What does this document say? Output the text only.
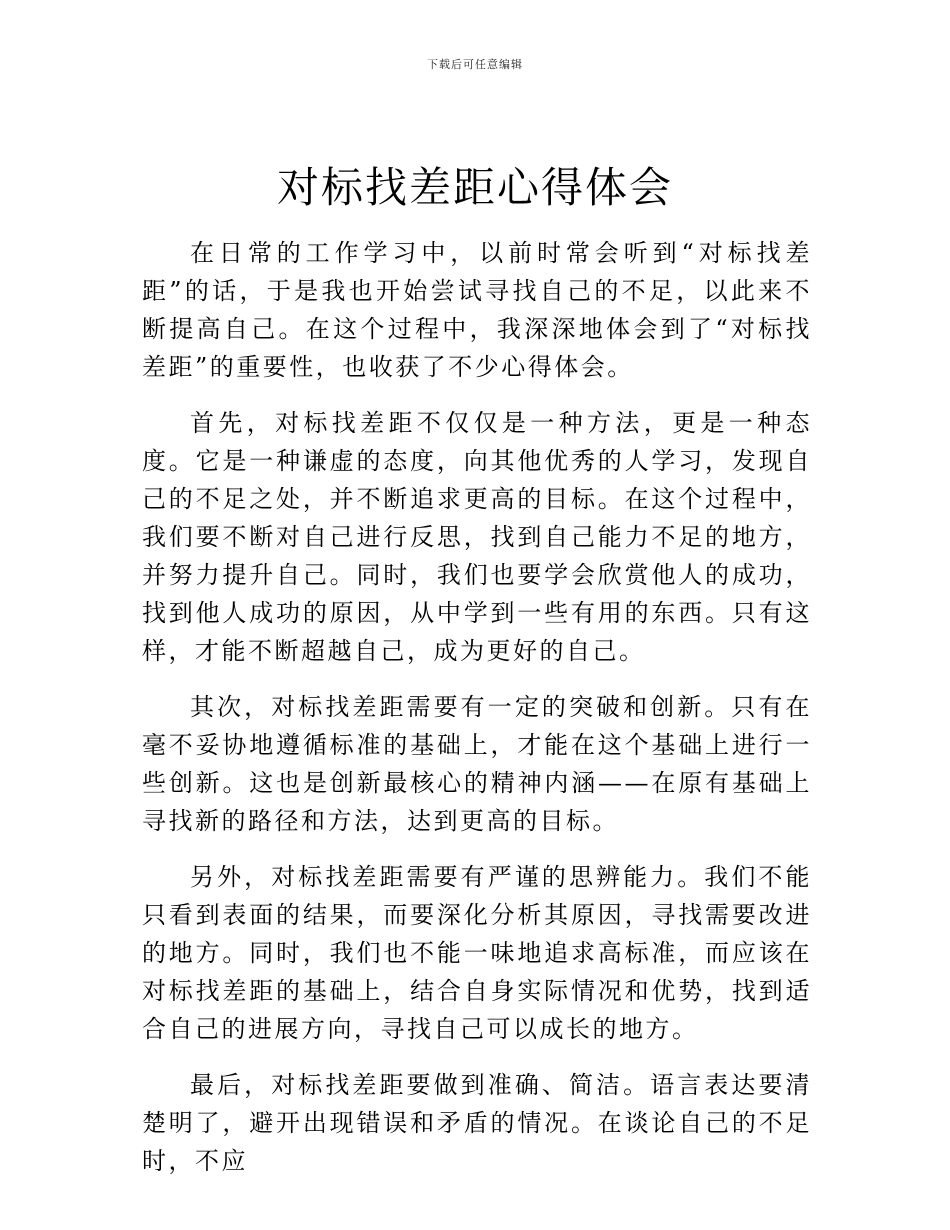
下载后可任意编辑
对标找差距心得体会

在日常的工作学习中，以前时常会听到“对标找差距”的话，于是我也开始尝试寻找自己的不足，以此来不断提高自己。在这个过程中，我深深地体会到了“对标找差距”的重要性，也收获了不少心得体会。

首先，对标找差距不仅仅是一种方法，更是一种态度。它是一种谦虚的态度，向其他优秀的人学习，发现自己的不足之处，并不断追求更高的目标。在这个过程中，我们要不断对自己进行反思，找到自己能力不足的地方，并努力提升自己。同时，我们也要学会欣赏他人的成功，找到他人成功的原因，从中学到一些有用的东西。只有这样，才能不断超越自己，成为更好的自己。

其次，对标找差距需要有一定的突破和创新。只有在毫不妥协地遵循标准的基础上，才能在这个基础上进行一些创新。这也是创新最核心的精神内涵——在原有基础上寻找新的路径和方法，达到更高的目标。

另外，对标找差距需要有严谨的思辨能力。我们不能只看到表面的结果，而要深化分析其原因，寻找需要改进的地方。同时，我们也不能一味地追求高标准，而应该在对标找差距的基础上，结合自身实际情况和优势，找到适合自己的进展方向，寻找自己可以成长的地方。

最后，对标找差距要做到准确、简洁。语言表达要清楚明了，避开出现错误和矛盾的情况。在谈论自己的不足时，不应
